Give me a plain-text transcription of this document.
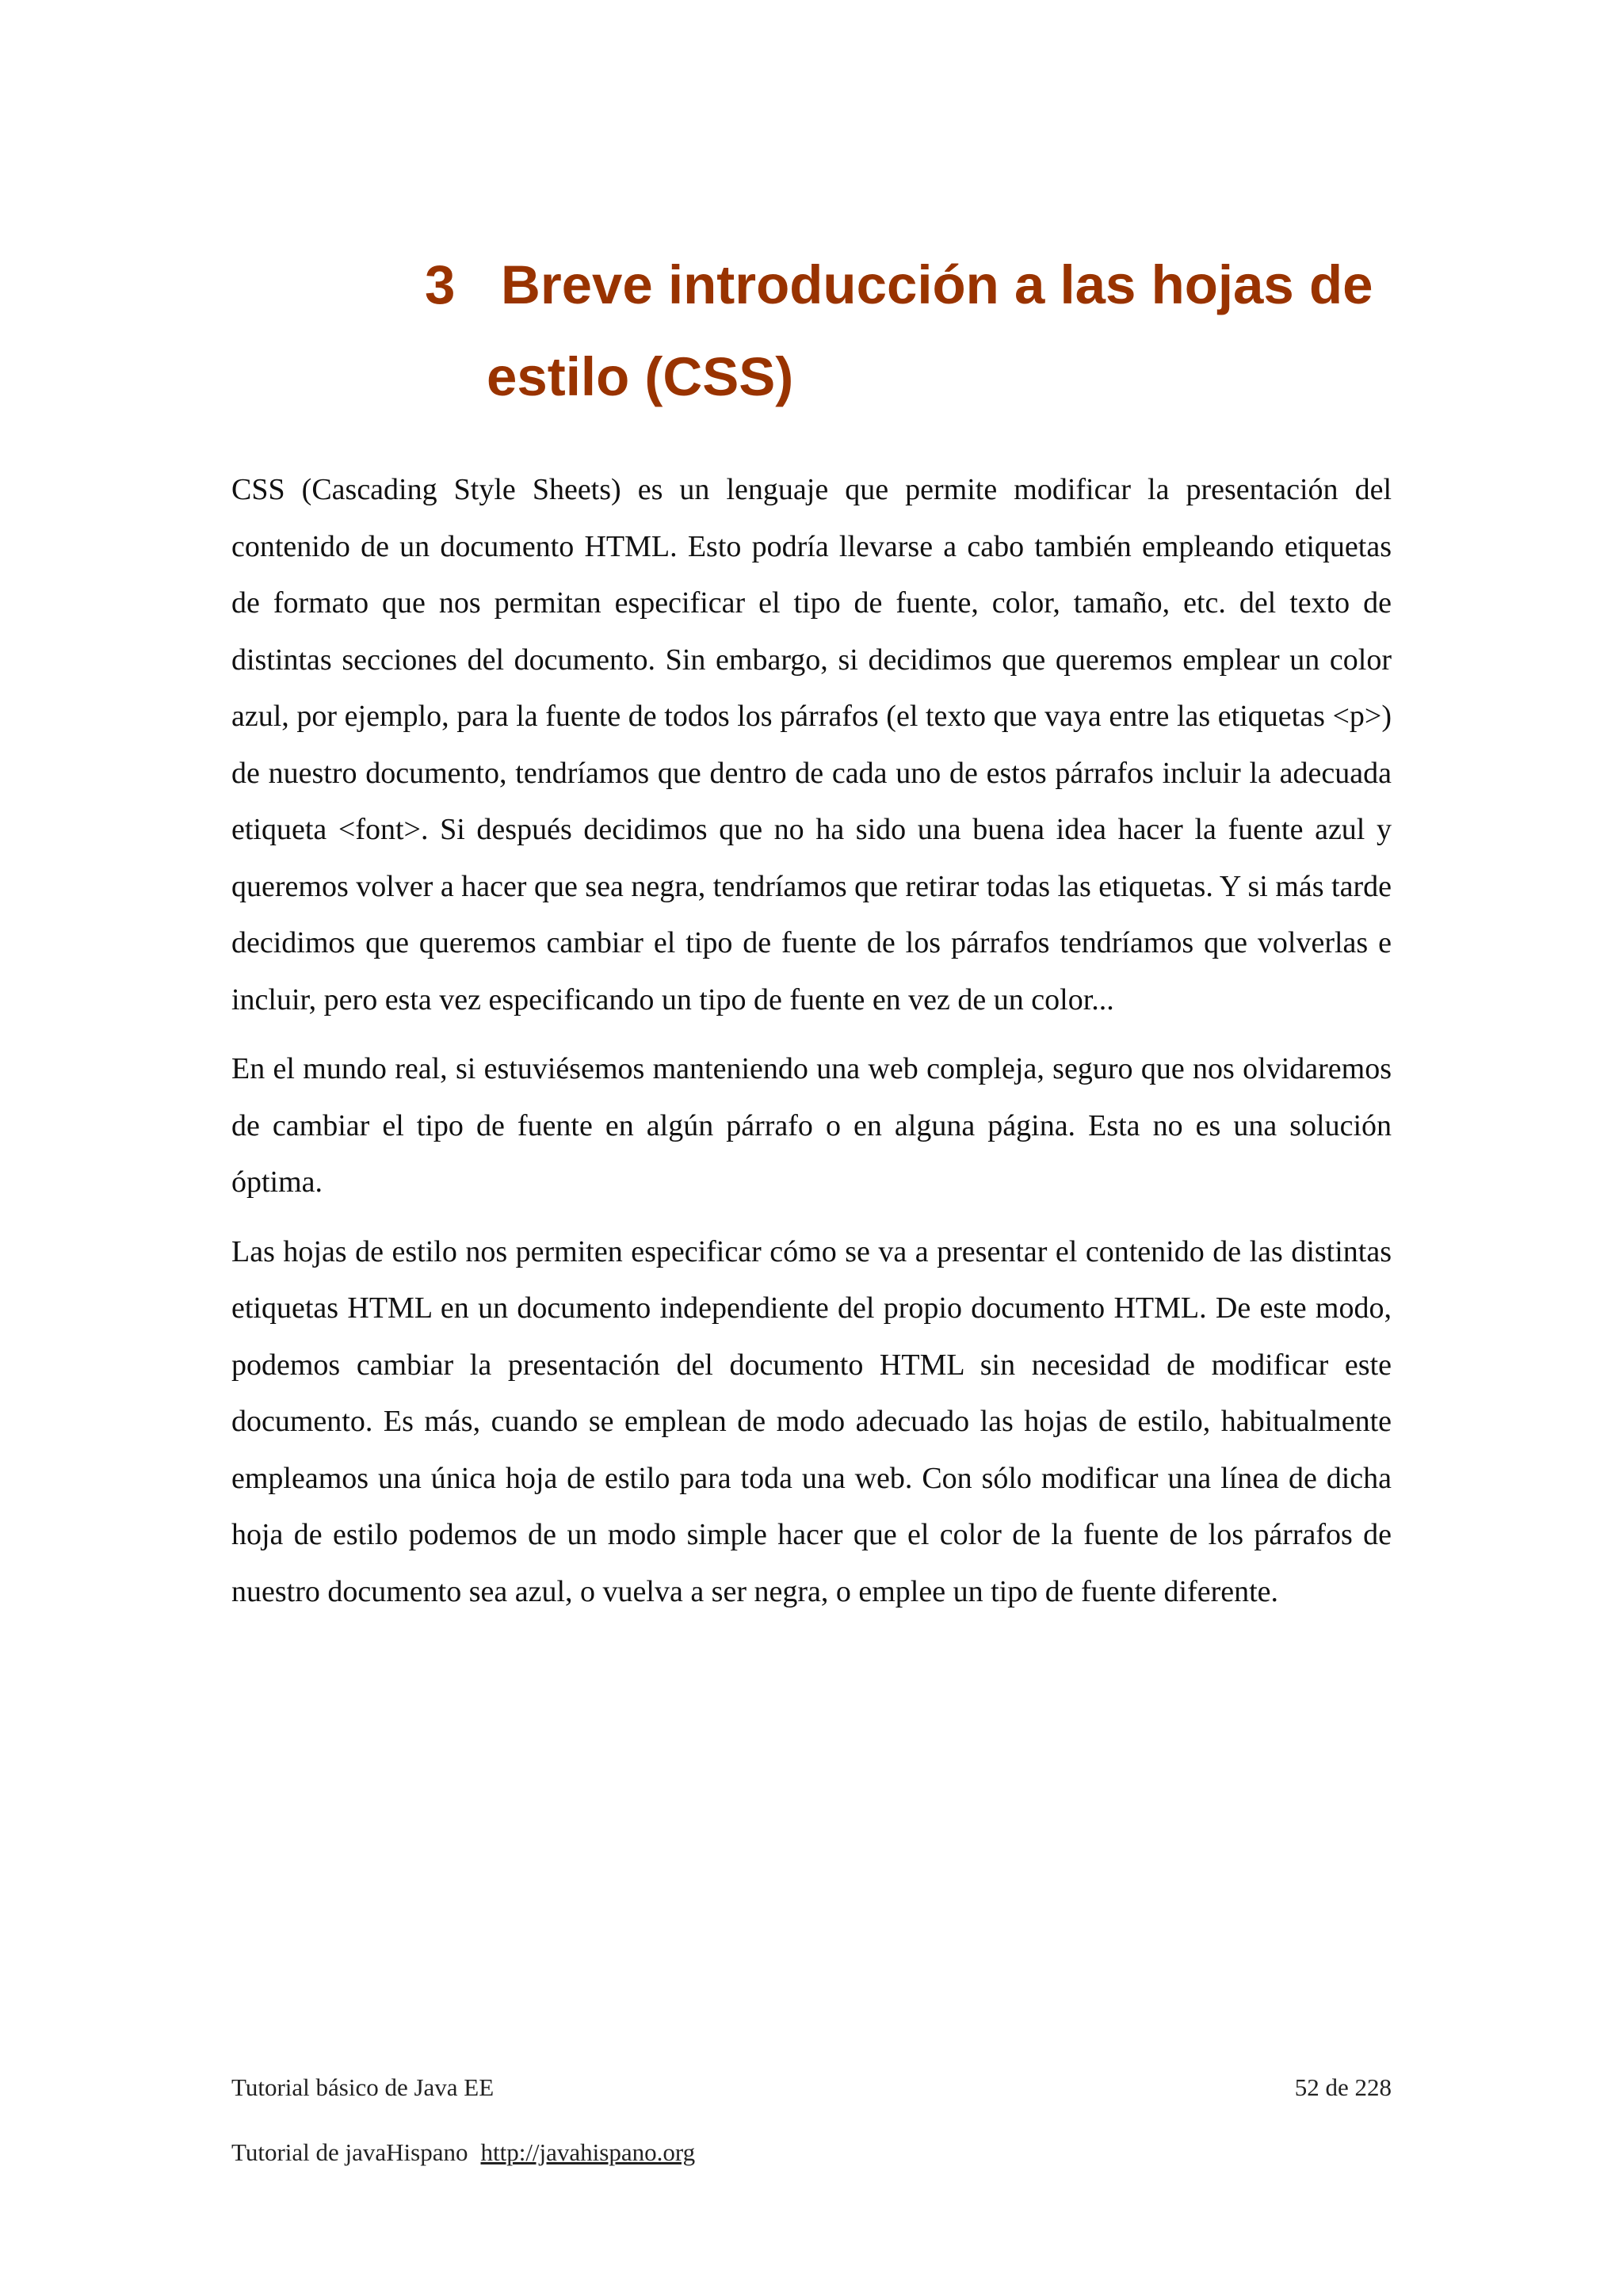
3 Breve introducción a las hojas de
estilo (CSS)

CSS (Cascading Style Sheets) es un lenguaje que permite modificar la presentación del contenido de un documento HTML. Esto podría llevarse a cabo también empleando etiquetas de formato que nos permitan especificar el tipo de fuente, color, tamaño, etc. del texto de distintas secciones del documento. Sin embargo, si decidimos que queremos emplear un color azul, por ejemplo, para la fuente de todos los párrafos (el texto que vaya entre las etiquetas <p>) de nuestro documento, tendríamos que dentro de cada uno de estos párrafos incluir la adecuada etiqueta <font>. Si después decidimos que no ha sido una buena idea hacer la fuente azul y queremos volver a hacer que sea negra, tendríamos que retirar todas las etiquetas. Y si más tarde decidimos que queremos cambiar el tipo de fuente de los párrafos tendríamos que volverlas e incluir, pero esta vez especificando un tipo de fuente en vez de un color...

En el mundo real, si estuviésemos manteniendo una web compleja, seguro que nos olvidaremos de cambiar el tipo de fuente en algún párrafo o en alguna página. Esta no es una solución óptima.

Las hojas de estilo nos permiten especificar cómo se va a presentar el contenido de las distintas etiquetas HTML en un documento independiente del propio documento HTML. De este modo, podemos cambiar la presentación del documento HTML sin necesidad de modificar este documento. Es más, cuando se emplean de modo adecuado las hojas de estilo, habitualmente empleamos una única hoja de estilo para toda una web. Con sólo modificar una línea de dicha hoja de estilo podemos de un modo simple hacer que el color de la fuente de los párrafos de nuestro documento sea azul, o vuelva a ser negra, o emplee un tipo de fuente diferente.

Tutorial básico de Java EE	52 de 228
Tutorial de javaHispano http://javahispano.org
